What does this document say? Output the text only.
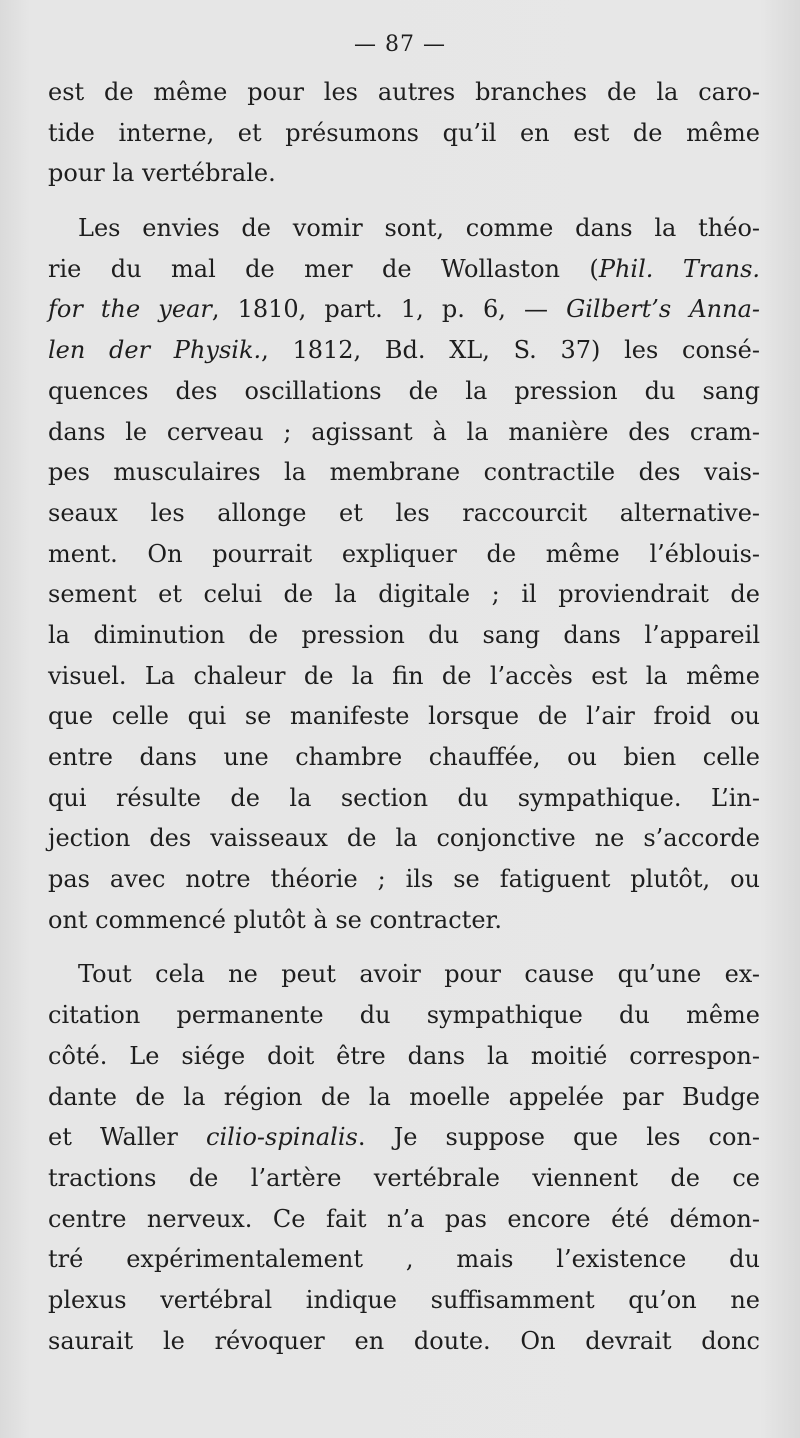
— 87 —
est de même pour les autres branches de la caro-
tide interne, et présumons qu’il en est de même
pour la vertébrale.
Les envies de vomir sont, comme dans la théo-
rie du mal de mer de Wollaston (Phil. Trans.
for the year, 1810, part. 1, p. 6, — Gilbert’s Anna-
len der Physik., 1812, Bd. XL, S. 37) les consé-
quences des oscillations de la pression du sang
dans le cerveau ; agissant à la manière des cram-
pes musculaires la membrane contractile des vais-
seaux les allonge et les raccourcit alternative-
ment. On pourrait expliquer de même l’éblouis-
sement et celui de la digitale ; il proviendrait de
la diminution de pression du sang dans l’appareil
visuel. La chaleur de la fin de l’accès est la même
que celle qui se manifeste lorsque de l’air froid ou
entre dans une chambre chauffée, ou bien celle
qui résulte de la section du sympathique. L’in-
jection des vaisseaux de la conjonctive ne s’accorde
pas avec notre théorie ; ils se fatiguent plutôt, ou
ont commencé plutôt à se contracter.
Tout cela ne peut avoir pour cause qu’une ex-
citation permanente du sympathique du même
côté. Le siége doit être dans la moitié correspon-
dante de la région de la moelle appelée par Budge
et Waller cilio-spinalis. Je suppose que les con-
tractions de l’artère vertébrale viennent de ce
centre nerveux. Ce fait n’a pas encore été démon-
tré expérimentalement , mais l’existence du
plexus vertébral indique suffisamment qu’on ne
saurait le révoquer en doute. On devrait donc
